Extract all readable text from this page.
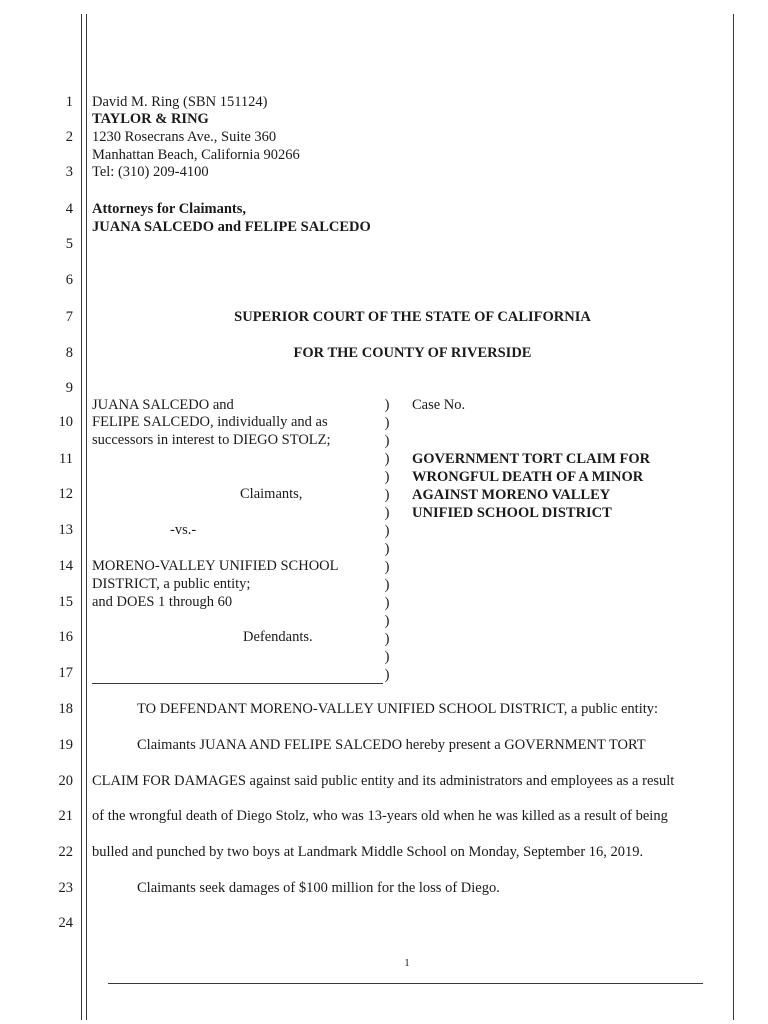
1
2
3
4
5
6
7
8
9
10
11
12
13
14
15
16
17
18
19
20
21
22
23
24
David M. Ring (SBN 151124)
TAYLOR & RING
1230 Rosecrans Ave., Suite 360
Manhattan Beach, California 90266
Tel: (310) 209-4100
Attorneys for Claimants,
JUANA SALCEDO and FELIPE SALCEDO
SUPERIOR COURT OF THE STATE OF CALIFORNIA
FOR THE COUNTY OF RIVERSIDE
JUANA SALCEDO and
FELIPE SALCEDO, individually and as
successors in interest to DIEGO STOLZ;
Claimants,
-vs.-
MORENO-VALLEY UNIFIED SCHOOL
DISTRICT, a public entity;
and DOES 1 through 60
Defendants.
)
)
)
)
)
)
)
)
)
)
)
)
)
)
)
)
Case No.
GOVERNMENT TORT CLAIM FOR
WRONGFUL DEATH OF A MINOR
AGAINST MORENO VALLEY
UNIFIED SCHOOL DISTRICT
TO DEFENDANT MORENO-VALLEY UNIFIED SCHOOL DISTRICT, a public entity:
Claimants JUANA AND FELIPE SALCEDO hereby present a GOVERNMENT TORT
CLAIM FOR DAMAGES against said public entity and its administrators and employees as a result
of the wrongful death of Diego Stolz, who was 13-years old when he was killed as a result of being
bulled and punched by two boys at Landmark Middle School on Monday, September 16, 2019.
Claimants seek damages of $100 million for the loss of Diego.
1
